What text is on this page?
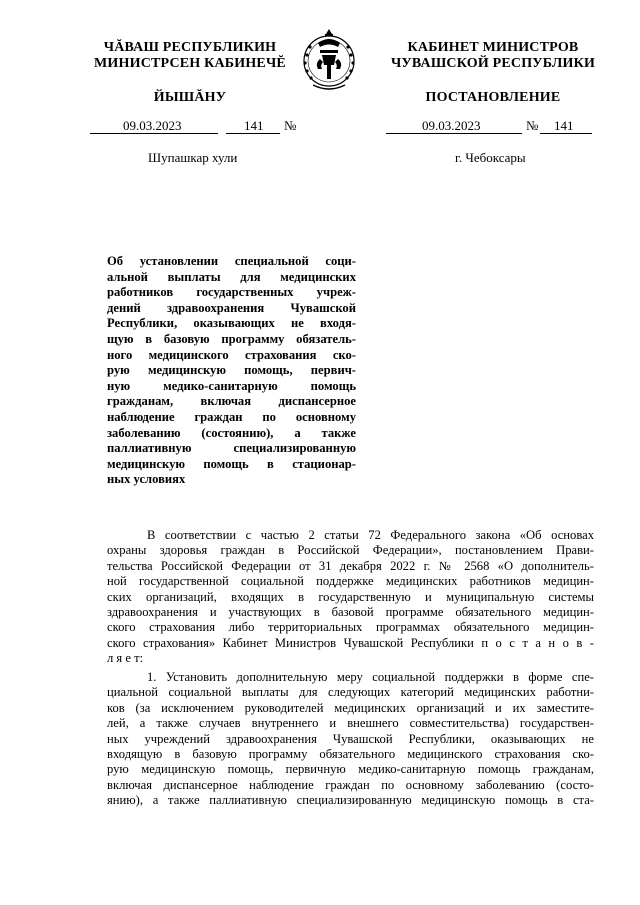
ЧĂВАШ РЕСПУБЛИКИН
МИНИСТРСЕН КАБИНЕЧĔ
ЙЫШĂНУ
КАБИНЕТ МИНИСТРОВ
ЧУВАШСКОЙ РЕСПУБЛИКИ
ПОСТАНОВЛЕНИЕ
09.03.2023	141 №
Шупашкар хули
09.03.2023	№ 141
г. Чебоксары
Об установлении специальной соци-
альной выплаты для медицинских
работников государственных учреж-
дений здравоохранения Чувашской
Республики, оказывающих не входя-
щую в базовую программу обязатель-
ного медицинского страхования ско-
рую медицинскую помощь, первич-
ную медико-санитарную помощь
гражданам, включая диспансерное
наблюдение граждан по основному
заболеванию (состоянию), а также
паллиативную специализированную
медицинскую помощь в стационар-
ных условиях
В соответствии с частью 2 статьи 72 Федерального закона «Об основах
охраны здоровья граждан в Российской Федерации», постановлением Прави-
тельства Российской Федерации от 31 декабря 2022 г. № 2568 «О дополнитель-
ной государственной социальной поддержке медицинских работников медицин-
ских организаций, входящих в государственную и муниципальную системы
здравоохранения и участвующих в базовой программе обязательного медицин-
ского страхования либо территориальных программах обязательного медицин-
ского страхования» Кабинет Министров Чувашской Республики п о с т а н о в -
л я е т:
1. Установить дополнительную меру социальной поддержки в форме спе-
циальной социальной выплаты для следующих категорий медицинских работни-
ков (за исключением руководителей медицинских организаций и их заместите-
лей, а также случаев внутреннего и внешнего совместительства) государствен-
ных учреждений здравоохранения Чувашской Республики, оказывающих не
входящую в базовую программу обязательного медицинского страхования ско-
рую медицинскую помощь, первичную медико-санитарную помощь гражданам,
включая диспансерное наблюдение граждан по основному заболеванию (состо-
янию), а также паллиативную специализированную медицинскую помощь в ста-
